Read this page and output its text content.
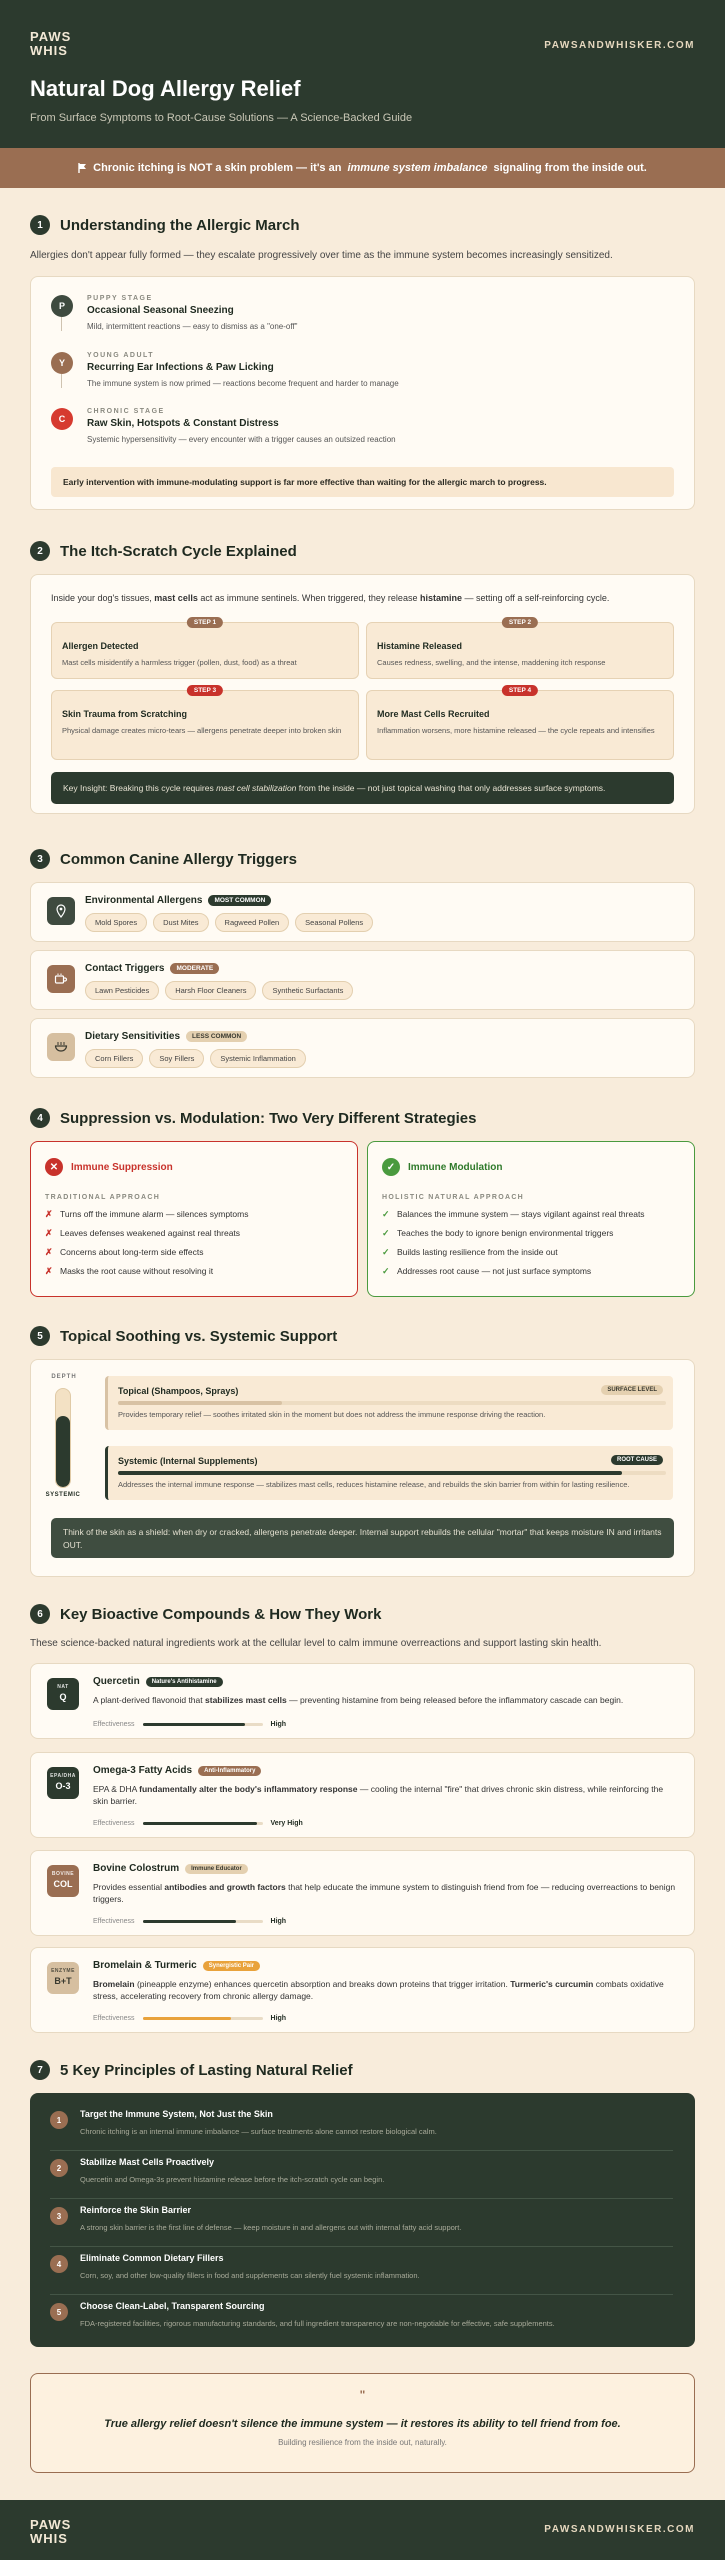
PAWS WHIS	PAWSANDWHISKER.COM
Natural Dog Allergy Relief
From Surface Symptoms to Root-Cause Solutions — A Science-Backed Guide
Chronic itching is NOT a skin problem — it's an immune system imbalance signaling from the inside out.
1	Understanding the Allergic March
Allergies don't appear fully formed — they escalate progressively over time as the immune system becomes increasingly sensitized.
P
PUPPY STAGE
Occasional Seasonal Sneezing
Mild, intermittent reactions — easy to dismiss as a "one-off"
Y
YOUNG ADULT
Recurring Ear Infections & Paw Licking
The immune system is now primed — reactions become frequent and harder to manage
C
CHRONIC STAGE
Raw Skin, Hotspots & Constant Distress
Systemic hypersensitivity — every encounter with a trigger causes an outsized reaction
Early intervention with immune-modulating support is far more effective than waiting for the allergic march to progress.
2	The Itch-Scratch Cycle Explained
Inside your dog's tissues, mast cells act as immune sentinels. When triggered, they release histamine — setting off a self-reinforcing cycle.
STEP 1
Allergen Detected
Mast cells misidentify a harmless trigger (pollen, dust, food) as a threat
STEP 2
Histamine Released
Causes redness, swelling, and the intense, maddening itch response
STEP 3
Skin Trauma from Scratching
Physical damage creates micro-tears — allergens penetrate deeper into broken skin
STEP 4
More Mast Cells Recruited
Inflammation worsens, more histamine released — the cycle repeats and intensifies
Key Insight: Breaking this cycle requires mast cell stabilization from the inside — not just topical washing that only addresses surface symptoms.
3	Common Canine Allergy Triggers
Environmental Allergens	MOST COMMON
Mold Spores	Dust Mites	Ragweed Pollen	Seasonal Pollens
Contact Triggers	MODERATE
Lawn Pesticides	Harsh Floor Cleaners	Synthetic Surfactants
Dietary Sensitivities	LESS COMMON
Corn Fillers	Soy Fillers	Systemic Inflammation
4	Suppression vs. Modulation: Two Very Different Strategies
✕	Immune Suppression
TRADITIONAL APPROACH
✗ Turns off the immune alarm — silences symptoms
✗ Leaves defenses weakened against real threats
✗ Concerns about long-term side effects
✗ Masks the root cause without resolving it
✓	Immune Modulation
HOLISTIC NATURAL APPROACH
✓ Balances the immune system — stays vigilant against real threats
✓ Teaches the body to ignore benign environmental triggers
✓ Builds lasting resilience from the inside out
✓ Addresses root cause — not just surface symptoms
5	Topical Soothing vs. Systemic Support
DEPTH
SYSTEMIC
Topical (Shampoos, Sprays)	SURFACE LEVEL
Provides temporary relief — soothes irritated skin in the moment but does not address the immune response driving the reaction.
Systemic (Internal Supplements)	ROOT CAUSE
Addresses the internal immune response — stabilizes mast cells, reduces histamine release, and rebuilds the skin barrier from within for lasting resilience.
Think of the skin as a shield: when dry or cracked, allergens penetrate deeper. Internal support rebuilds the cellular "mortar" that keeps moisture IN and irritants OUT.
6	Key Bioactive Compounds & How They Work
These science-backed natural ingredients work at the cellular level to calm immune overreactions and support lasting skin health.
NAT
Q
Quercetin	Nature's Antihistamine
A plant-derived flavonoid that stabilizes mast cells — preventing histamine from being released before the inflammatory cascade can begin.
Effectiveness	High
EPA/DHA
O-3
Omega-3 Fatty Acids	Anti-Inflammatory
EPA & DHA fundamentally alter the body's inflammatory response — cooling the internal "fire" that drives chronic skin distress, while reinforcing the skin barrier.
Effectiveness	Very High
BOVINE
COL
Bovine Colostrum	Immune Educator
Provides essential antibodies and growth factors that help educate the immune system to distinguish friend from foe — reducing overreactions to benign triggers.
Effectiveness	High
ENZYME
B+T
Bromelain & Turmeric	Synergistic Pair
Bromelain (pineapple enzyme) enhances quercetin absorption and breaks down proteins that trigger irritation. Turmeric's curcumin combats oxidative stress, accelerating recovery from chronic allergy damage.
Effectiveness	High
7	5 Key Principles of Lasting Natural Relief
1
Target the Immune System, Not Just the Skin
Chronic itching is an internal immune imbalance — surface treatments alone cannot restore biological calm.
2
Stabilize Mast Cells Proactively
Quercetin and Omega-3s prevent histamine release before the itch-scratch cycle can begin.
3
Reinforce the Skin Barrier
A strong skin barrier is the first line of defense — keep moisture in and allergens out with internal fatty acid support.
4
Eliminate Common Dietary Fillers
Corn, soy, and other low-quality fillers in food and supplements can silently fuel systemic inflammation.
5
Choose Clean-Label, Transparent Sourcing
FDA-registered facilities, rigorous manufacturing standards, and full ingredient transparency are non-negotiable for effective, safe supplements.
"
True allergy relief doesn't silence the immune system — it restores its ability to tell friend from foe.
Building resilience from the inside out, naturally.
PAWS WHIS
PAWSANDWHISKER.COM
